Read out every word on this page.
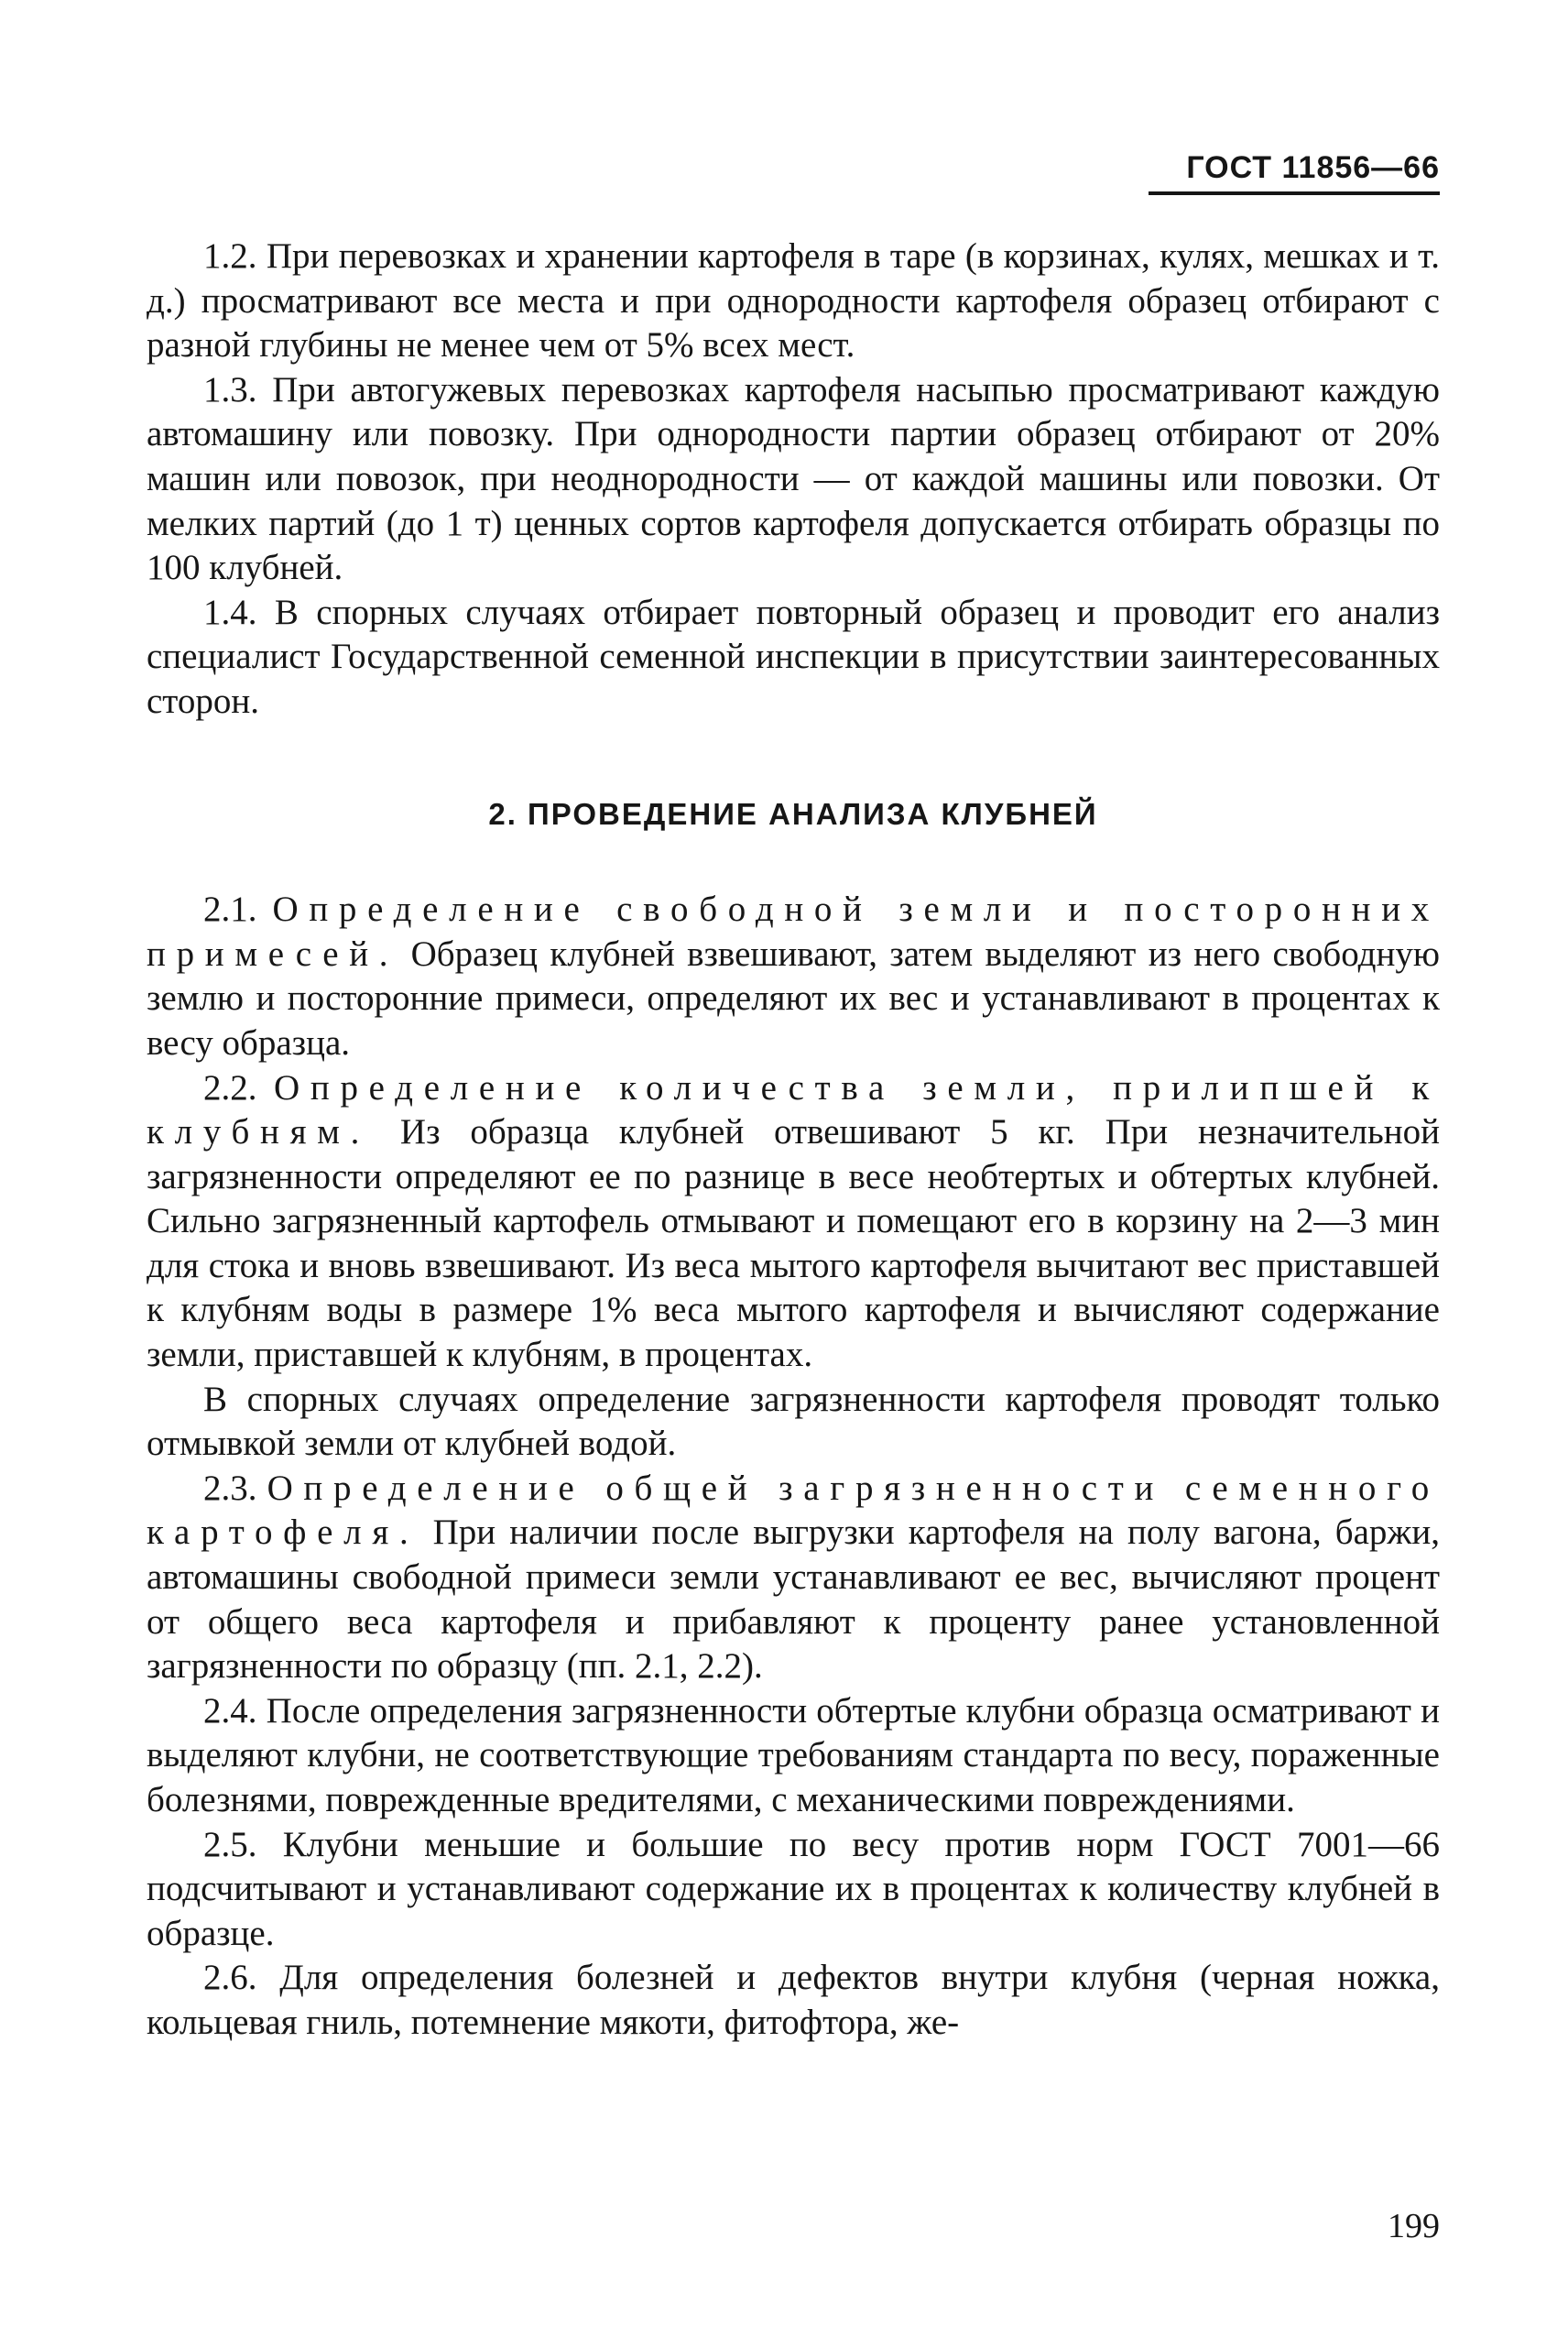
ГОСТ 11856—66

1.2. При перевозках и хранении картофеля в таре (в корзинах, кулях, мешках и т. д.) просматривают все места и при однородности картофеля образец отбирают с разной глубины не менее чем от 5% всех мест.

1.3. При автогужевых перевозках картофеля насыпью просматривают каждую автомашину или повозку. При однородности партии образец отбирают от 20% машин или повозок, при неоднородности — от каждой машины или повозки. От мелких партий (до 1 т) ценных сортов картофеля допускается отбирать образцы по 100 клубней.

1.4. В спорных случаях отбирает повторный образец и проводит его анализ специалист Государственной семенной инспекции в присутствии заинтересованных сторон.

2. ПРОВЕДЕНИЕ АНАЛИЗА КЛУБНЕЙ

2.1. Определение свободной земли и посторонних примесей. Образец клубней взвешивают, затем выделяют из него свободную землю и посторонние примеси, определяют их вес и устанавливают в процентах к весу образца.

2.2. Определение количества земли, прилипшей к клубням. Из образца клубней отвешивают 5 кг. При незначительной загрязненности определяют ее по разнице в весе необтертых и обтертых клубней. Сильно загрязненный картофель отмывают и помещают его в корзину на 2—3 мин для стока и вновь взвешивают. Из веса мытого картофеля вычитают вес приставшей к клубням воды в размере 1% веса мытого картофеля и вычисляют содержание земли, приставшей к клубням, в процентах.

В спорных случаях определение загрязненности картофеля проводят только отмывкой земли от клубней водой.

2.3. Определение общей загрязненности семенного картофеля. При наличии после выгрузки картофеля на полу вагона, баржи, автомашины свободной примеси земли устанавливают ее вес, вычисляют процент от общего веса картофеля и прибавляют к проценту ранее установленной загрязненности по образцу (пп. 2.1, 2.2).

2.4. После определения загрязненности обтертые клубни образца осматривают и выделяют клубни, не соответствующие требованиям стандарта по весу, пораженные болезнями, поврежденные вредителями, с механическими повреждениями.

2.5. Клубни меньшие и большие по весу против норм ГОСТ 7001—66 подсчитывают и устанавливают содержание их в процентах к количеству клубней в образце.

2.6. Для определения болезней и дефектов внутри клубня (черная ножка, кольцевая гниль, потемнение мякоти, фитофтора, же-

199
